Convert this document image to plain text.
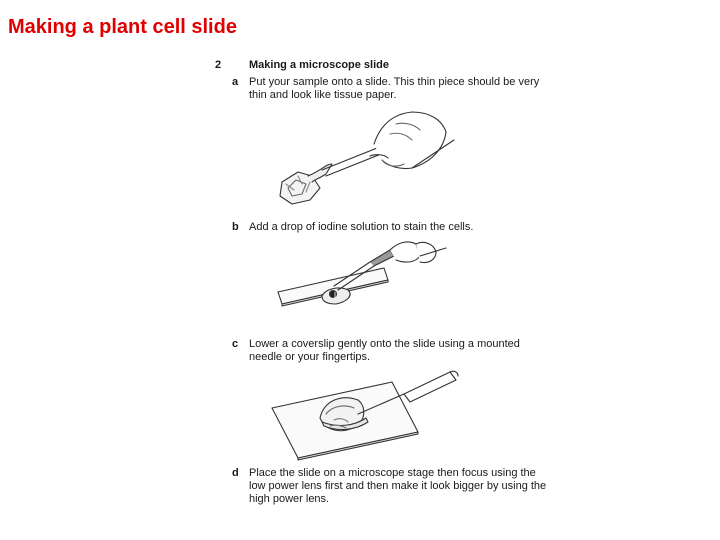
Making a plant cell slide
2	Making a microscope slide
a Put your sample onto a slide. This thin piece should be very
thin and look like tissue paper.
b Add a drop of iodine solution to stain the cells.
c Lower a coverslip gently onto the slide using a mounted
needle or your fingertips.
d Place the slide on a microscope stage then focus using the
low power lens first and then make it look bigger by using the
high power lens.
